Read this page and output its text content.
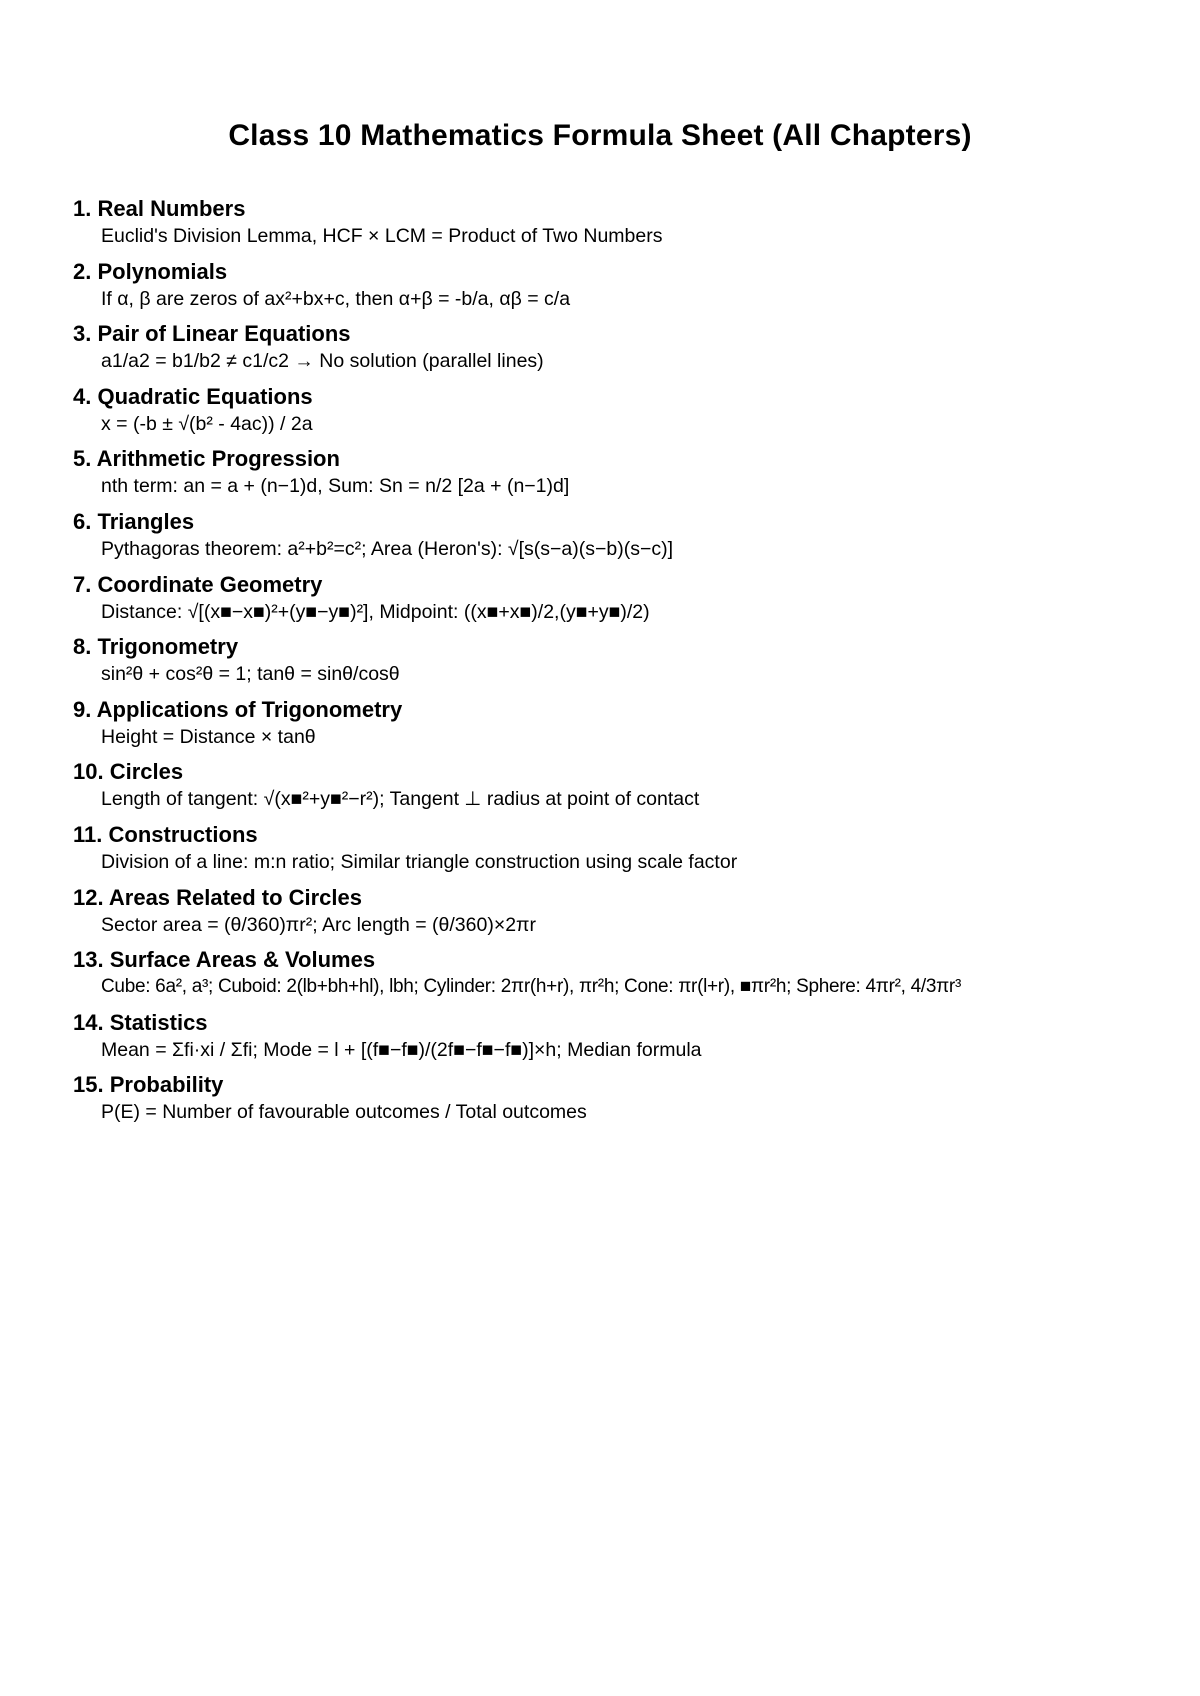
Class 10 Mathematics Formula Sheet (All Chapters)
1. Real Numbers
Euclid's Division Lemma, HCF × LCM = Product of Two Numbers
2. Polynomials
If α, β are zeros of ax²+bx+c, then α+β = -b/a, αβ = c/a
3. Pair of Linear Equations
a1/a2 = b1/b2 ≠ c1/c2 → No solution (parallel lines)
4. Quadratic Equations
x = (-b ± √(b² - 4ac)) / 2a
5. Arithmetic Progression
nth term: an = a + (n−1)d, Sum: Sn = n/2 [2a + (n−1)d]
6. Triangles
Pythagoras theorem: a²+b²=c²; Area (Heron's): √[s(s−a)(s−b)(s−c)]
7. Coordinate Geometry
Distance: √[(x■−x■)²+(y■−y■)²], Midpoint: ((x■+x■)/2,(y■+y■)/2)
8. Trigonometry
sin²θ + cos²θ = 1; tanθ = sinθ/cosθ
9. Applications of Trigonometry
Height = Distance × tanθ
10. Circles
Length of tangent: √(x■²+y■²−r²); Tangent ⊥ radius at point of contact
11. Constructions
Division of a line: m:n ratio; Similar triangle construction using scale factor
12. Areas Related to Circles
Sector area = (θ/360)πr²; Arc length = (θ/360)×2πr
13. Surface Areas & Volumes
Cube: 6a², a³; Cuboid: 2(lb+bh+hl), lbh; Cylinder: 2πr(h+r), πr²h; Cone: πr(l+r), ■πr²h; Sphere: 4πr², 4/3πr³
14. Statistics
Mean = Σfi·xi / Σfi; Mode = l + [(f■−f■)/(2f■−f■−f■)]×h; Median formula
15. Probability
P(E) = Number of favourable outcomes / Total outcomes
